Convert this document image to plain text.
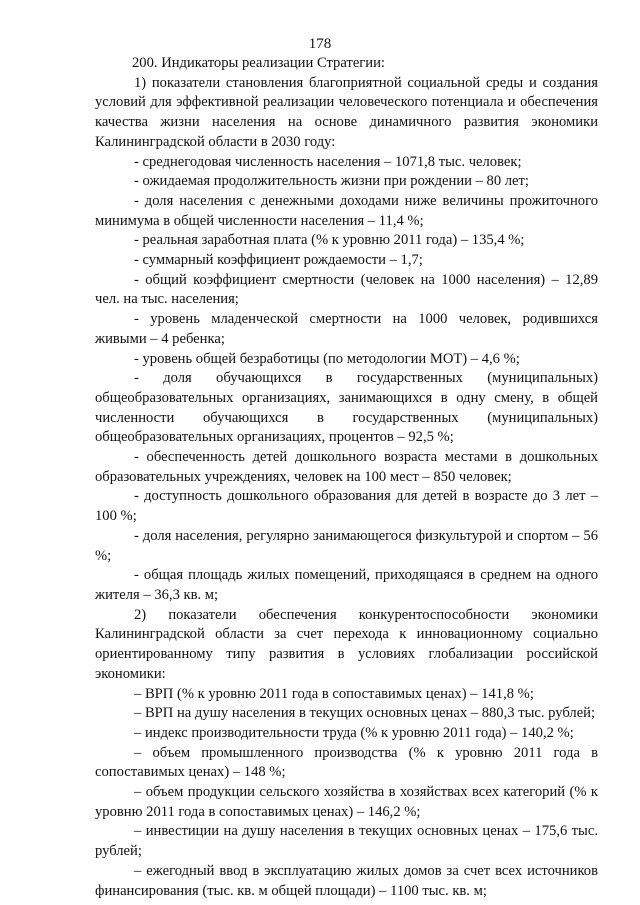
178

200. Индикаторы реализации Стратегии:

1) показатели становления благоприятной социальной среды и создания условий для эффективной реализации человеческого потенциала и обеспечения качества жизни населения на основе динамичного развития экономики Калининградской области в 2030 году:

- среднегодовая численность населения – 1071,8 тыс. человек;

- ожидаемая продолжительность жизни при рождении – 80 лет;

- доля населения с денежными доходами ниже величины прожиточного минимума в общей численности населения – 11,4 %;

- реальная заработная плата (% к уровню 2011 года) – 135,4 %;

- суммарный коэффициент рождаемости – 1,7;

- общий коэффициент смертности (человек на 1000 населения) – 12,89 чел. на тыс. населения;

- уровень младенческой смертности на 1000 человек, родившихся живыми – 4 ребенка;

- уровень общей безработицы (по методологии МОТ) – 4,6 %;

- доля обучающихся в государственных (муниципальных) общеобразовательных организациях, занимающихся в одну смену, в общей численности обучающихся в государственных (муниципальных) общеобразовательных организациях, процентов – 92,5 %;

- обеспеченность детей дошкольного возраста местами в дошкольных образовательных учреждениях, человек на 100 мест – 850 человек;

- доступность дошкольного образования для детей в возрасте до 3 лет – 100 %;

- доля населения, регулярно занимающегося физкультурой и спортом – 56 %;

- общая площадь жилых помещений, приходящаяся в среднем на одного жителя – 36,3 кв. м;

2) показатели обеспечения конкурентоспособности экономики Калининградской области за счет перехода к инновационному социально ориентированному типу развития в условиях глобализации российской экономики:

– ВРП (% к уровню 2011 года в сопоставимых ценах) – 141,8 %;

– ВРП на душу населения в текущих основных ценах – 880,3 тыс. рублей;

– индекс производительности труда (% к уровню 2011 года) – 140,2 %;

– объем промышленного производства (% к уровню 2011 года в сопоставимых ценах) – 148 %;

– объем продукции сельского хозяйства в хозяйствах всех категорий (% к уровню 2011 года в сопоставимых ценах) – 146,2 %;

– инвестиции на душу населения в текущих основных ценах – 175,6 тыс. рублей;

– ежегодный ввод в эксплуатацию жилых домов за счет всех источников финансирования (тыс. кв. м общей площади) – 1100 тыс. кв. м;
